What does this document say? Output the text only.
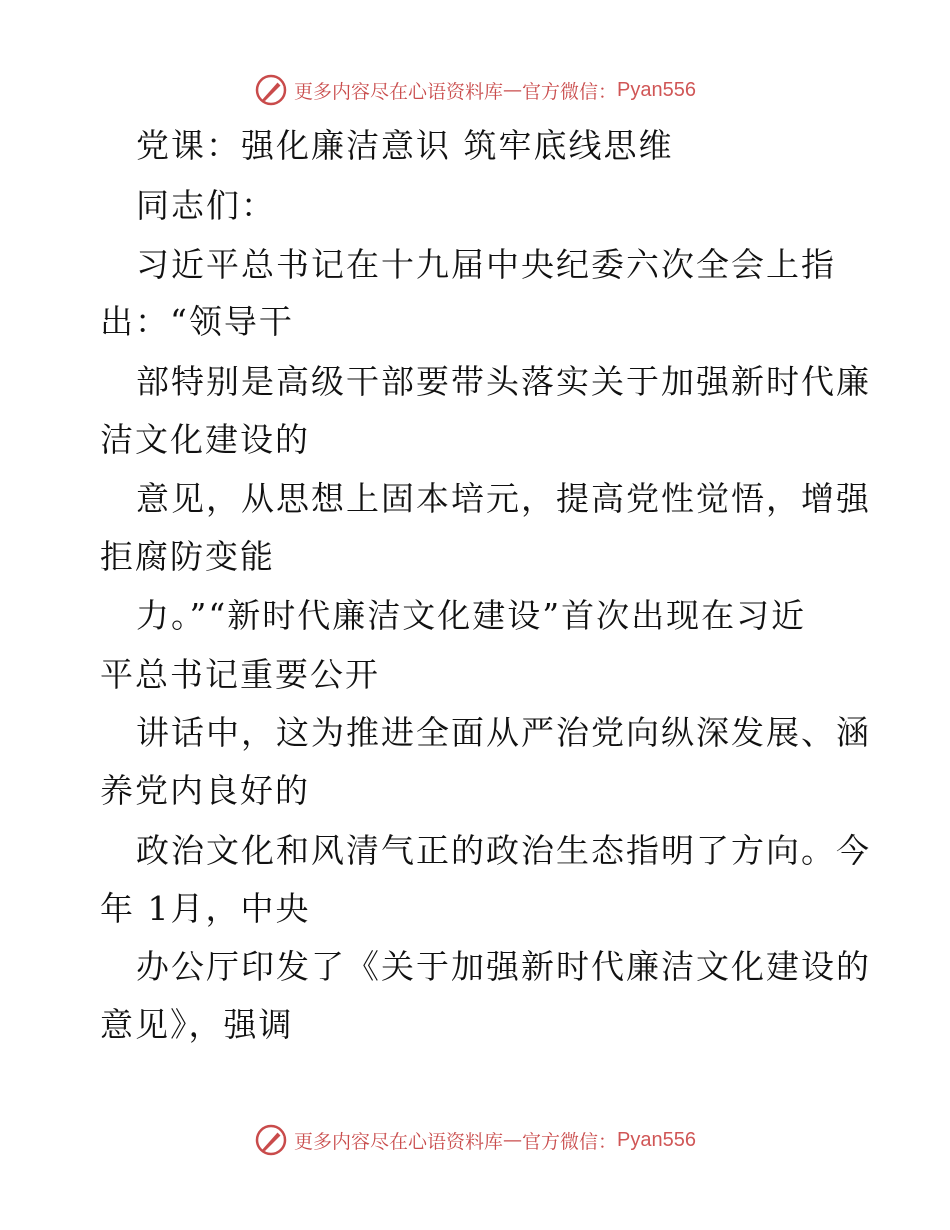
更多内容尽在心语资料库 — 官方微信： Pyan556
党课：强化廉洁意识 筑牢底线思维
同志们：
习近平总书记在十九届中央纪委六次全会上指
出：“领导干
部特别是高级干部要带头落实关于加强新时代廉
洁文化建设的
意见，从思想上固本培元，提高党性觉悟，增强
拒腐防变能
力。”“新时代廉洁文化建设”首次出现在习近
平总书记重要公开
讲话中，这为推进全面从严治党向纵深发展、涵
养党内良好的
政治文化和风清气正的政治生态指明了方向。今
年 1月，中央
办公厅印发了《关于加强新时代廉洁文化建设的
意见》，强调
更多内容尽在心语资料库 — 官方微信： Pyan556
